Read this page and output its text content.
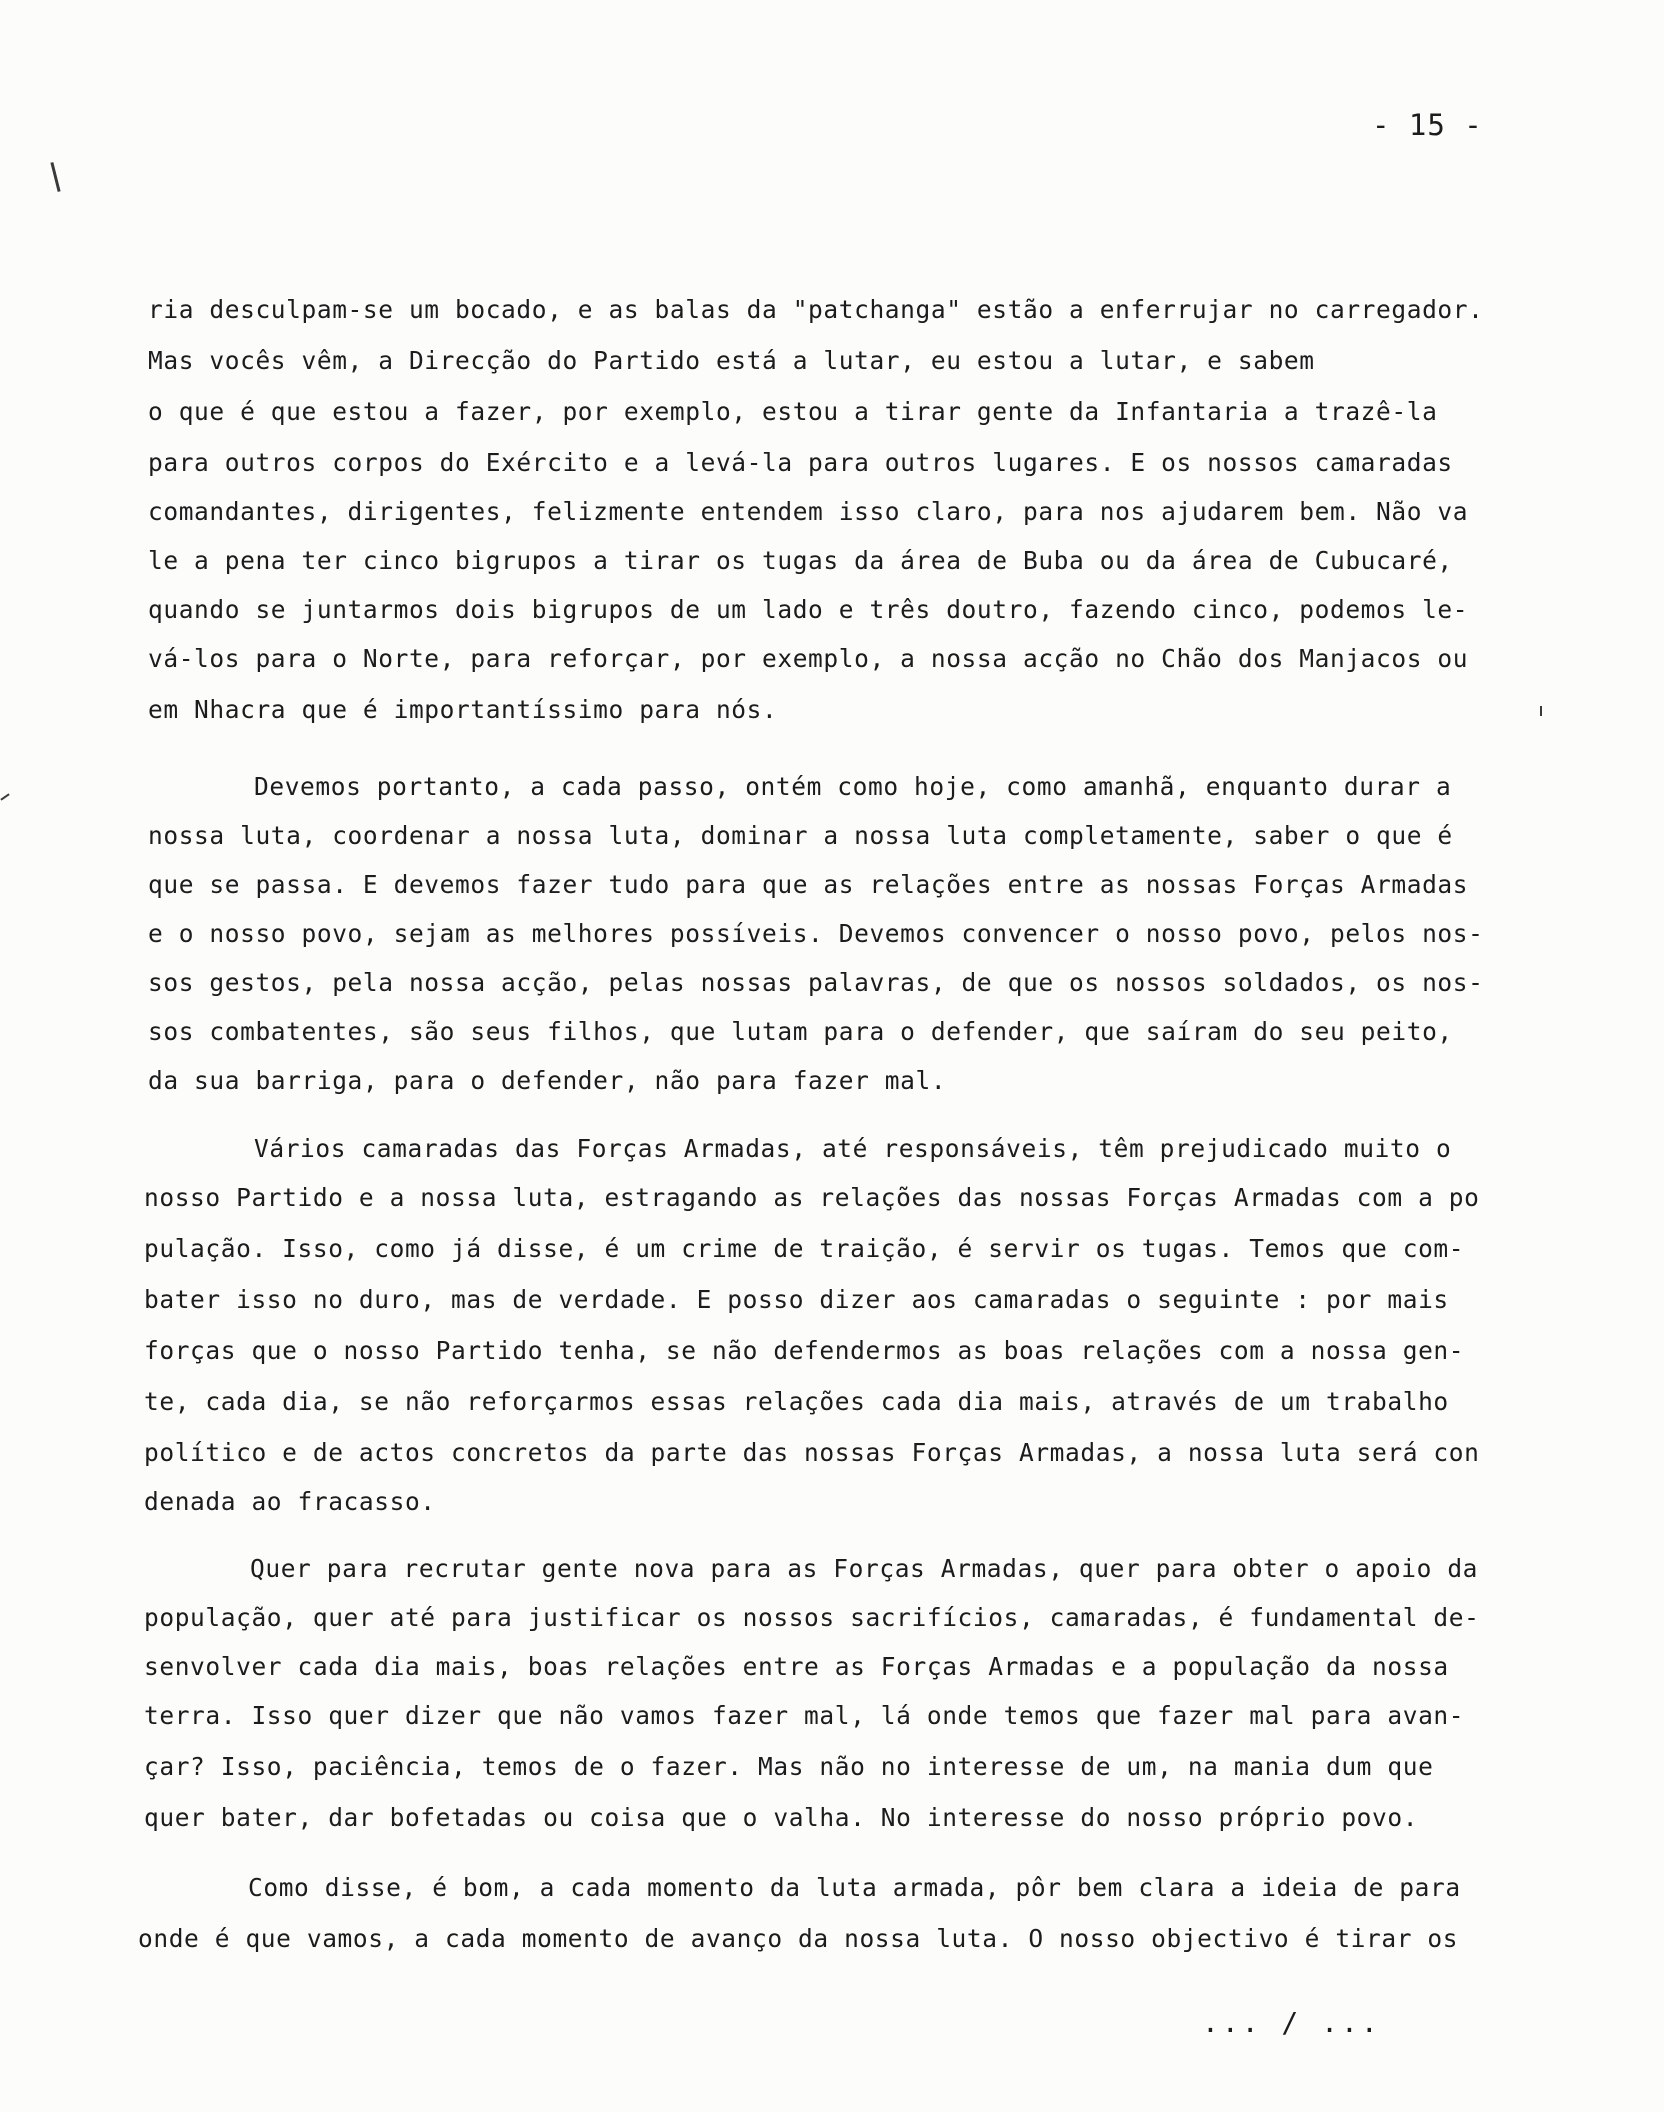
- 15 -
ria desculpam-se um bocado, e as balas da "patchanga" estão a enferrujar no carregador.
Mas vocês vêm, a Direcção do Partido está a lutar, eu estou a lutar, e sabem
o que é que estou a fazer, por exemplo, estou a tirar gente da Infantaria a trazê-la
para outros corpos do Exército e a levá-la para outros lugares. E os nossos camaradas
comandantes, dirigentes, felizmente entendem isso claro, para nos ajudarem bem. Não va
le a pena ter cinco bigrupos a tirar os tugas da área de Buba ou da área de Cubucaré,
quando se juntarmos dois bigrupos de um lado e três doutro, fazendo cinco, podemos le-
vá-los para o Norte, para reforçar, por exemplo, a nossa acção no Chão dos Manjacos ou
em Nhacra que é importantíssimo para nós.
Devemos portanto, a cada passo, ontém como hoje, como amanhã, enquanto durar a
nossa luta, coordenar a nossa luta, dominar a nossa luta completamente, saber o que é
que se passa. E devemos fazer tudo para que as relações entre as nossas Forças Armadas
e o nosso povo, sejam as melhores possíveis. Devemos convencer o nosso povo, pelos nos-
sos gestos, pela nossa acção, pelas nossas palavras, de que os nossos soldados, os nos-
sos combatentes, são seus filhos, que lutam para o defender, que saíram do seu peito,
da sua barriga, para o defender, não para fazer mal.
Vários camaradas das Forças Armadas, até responsáveis, têm prejudicado muito o
nosso Partido e a nossa luta, estragando as relações das nossas Forças Armadas com a po
pulação. Isso, como já disse, é um crime de traição, é servir os tugas. Temos que com-
bater isso no duro, mas de verdade. E posso dizer aos camaradas o seguinte : por mais
forças que o nosso Partido tenha, se não defendermos as boas relações com a nossa gen-
te, cada dia, se não reforçarmos essas relações cada dia mais, através de um trabalho
político e de actos concretos da parte das nossas Forças Armadas, a nossa luta será con
denada ao fracasso.
Quer para recrutar gente nova para as Forças Armadas, quer para obter o apoio da
população, quer até para justificar os nossos sacrifícios, camaradas, é fundamental de-
senvolver cada dia mais, boas relações entre as Forças Armadas e a população da nossa
terra. Isso quer dizer que não vamos fazer mal, lá onde temos que fazer mal para avan-
çar? Isso, paciência, temos de o fazer. Mas não no interesse de um, na mania dum que
quer bater, dar bofetadas ou coisa que o valha. No interesse do nosso próprio povo.
Como disse, é bom, a cada momento da luta armada, pôr bem clara a ideia de para
onde é que vamos, a cada momento de avanço da nossa luta. O nosso objectivo é tirar os
... / ...
